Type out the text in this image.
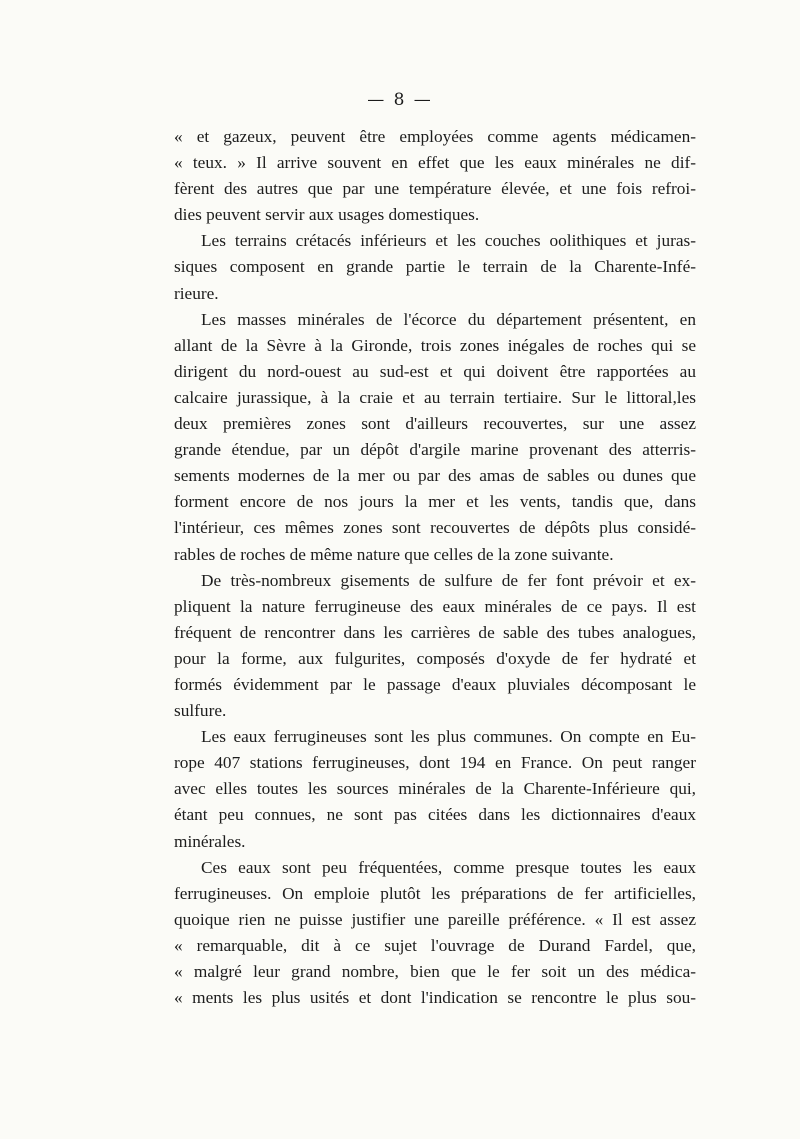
— 8 —
« et gazeux, peuvent être employées comme agents médicamen-
« teux. » Il arrive souvent en effet que les eaux minérales ne dif-
fèrent des autres que par une température élevée, et une fois refroi-
dies peuvent servir aux usages domestiques.
Les terrains crétacés inférieurs et les couches oolithiques et juras-
siques composent en grande partie le terrain de la Charente-Infé-
rieure.
Les masses minérales de l'écorce du département présentent, en
allant de la Sèvre à la Gironde, trois zones inégales de roches qui se
dirigent du nord-ouest au sud-est et qui doivent être rapportées au
calcaire jurassique, à la craie et au terrain tertiaire. Sur le littoral,les
deux premières zones sont d'ailleurs recouvertes, sur une assez
grande étendue, par un dépôt d'argile marine provenant des atterris-
sements modernes de la mer ou par des amas de sables ou dunes que
forment encore de nos jours la mer et les vents, tandis que, dans
l'intérieur, ces mêmes zones sont recouvertes de dépôts plus considé-
rables de roches de même nature que celles de la zone suivante.
De très-nombreux gisements de sulfure de fer font prévoir et ex-
pliquent la nature ferrugineuse des eaux minérales de ce pays. Il est
fréquent de rencontrer dans les carrières de sable des tubes analogues,
pour la forme, aux fulgurites, composés d'oxyde de fer hydraté et
formés évidemment par le passage d'eaux pluviales décomposant le
sulfure.
Les eaux ferrugineuses sont les plus communes. On compte en Eu-
rope 407 stations ferrugineuses, dont 194 en France. On peut ranger
avec elles toutes les sources minérales de la Charente-Inférieure qui,
étant peu connues, ne sont pas citées dans les dictionnaires d'eaux
minérales.
Ces eaux sont peu fréquentées, comme presque toutes les eaux
ferrugineuses. On emploie plutôt les préparations de fer artificielles,
quoique rien ne puisse justifier une pareille préférence. « Il est assez
« remarquable, dit à ce sujet l'ouvrage de Durand Fardel, que,
« malgré leur grand nombre, bien que le fer soit un des médica-
« ments les plus usités et dont l'indication se rencontre le plus sou-
